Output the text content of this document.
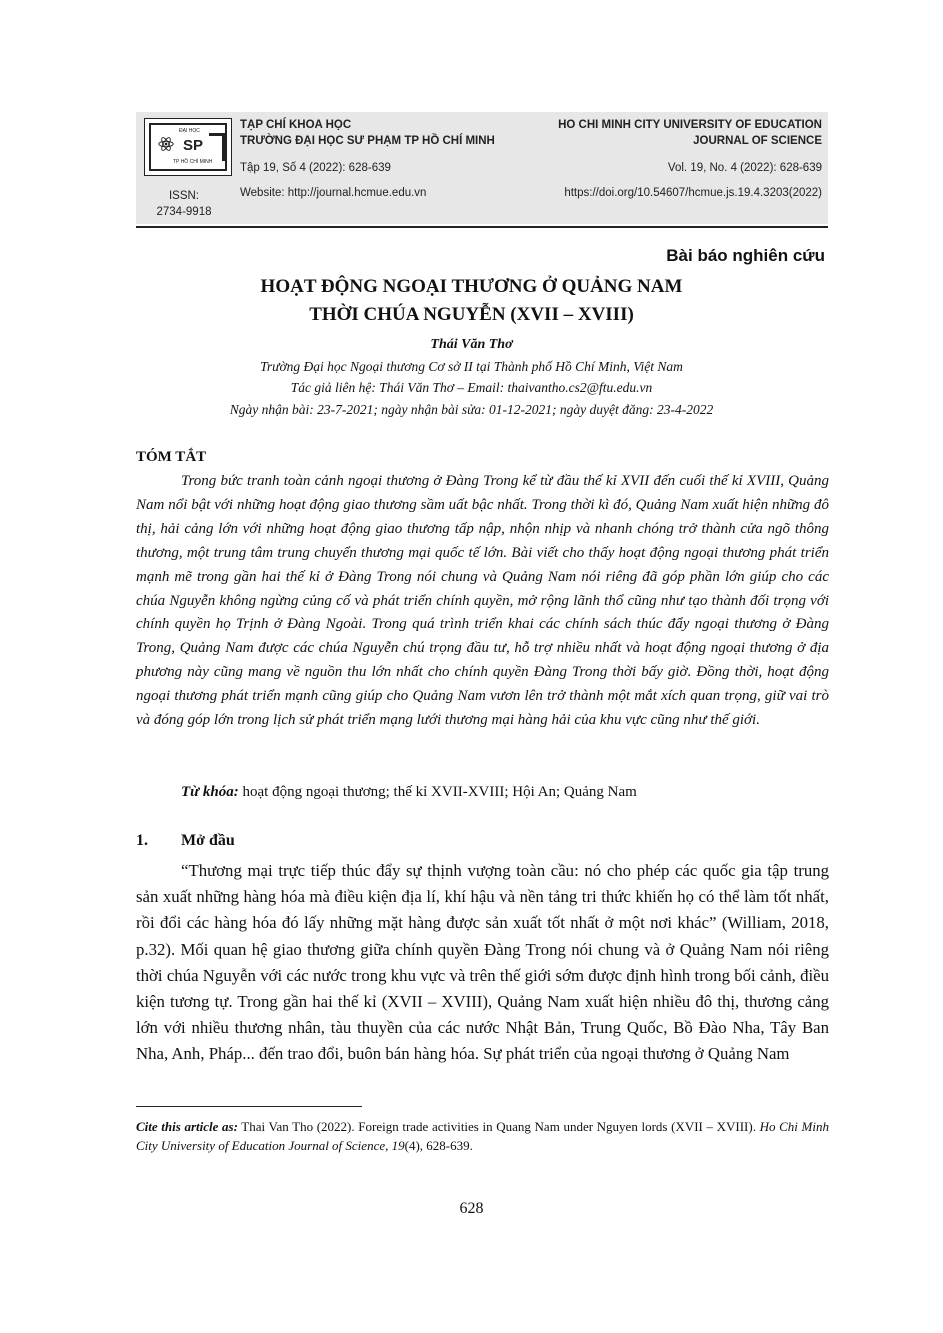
ĐẠI HỌC
SP
TP HỒ CHÍ MINH
ISSN:
2734-9918
TẠP CHÍ KHOA HỌC
TRƯỜNG ĐẠI HỌC SƯ PHẠM TP HỒ CHÍ MINH
Tập 19, Số 4 (2022): 628-639
Website: http://journal.hcmue.edu.vn
HO CHI MINH CITY UNIVERSITY OF EDUCATION
JOURNAL OF SCIENCE
Vol. 19, No. 4 (2022): 628-639
https://doi.org/10.54607/hcmue.js.19.4.3203(2022)
Bài báo nghiên cứu
HOẠT ĐỘNG NGOẠI THƯƠNG Ở QUẢNG NAM
THỜI CHÚA NGUYỄN (XVII – XVIII)
Thái Văn Thơ
Trường Đại học Ngoại thương Cơ sở II tại Thành phố Hồ Chí Minh, Việt Nam
Tác giả liên hệ: Thái Văn Thơ – Email: thaivantho.cs2@ftu.edu.vn
Ngày nhận bài: 23-7-2021; ngày nhận bài sửa: 01-12-2021; ngày duyệt đăng: 23-4-2022
TÓM TẮT
Trong bức tranh toàn cảnh ngoại thương ở Đàng Trong kể từ đầu thế kỉ XVII đến cuối thế kỉ XVIII, Quảng Nam nổi bật với những hoạt động giao thương sầm uất bậc nhất. Trong thời kì đó, Quảng Nam xuất hiện những đô thị, hải cảng lớn với những hoạt động giao thương tấp nập, nhộn nhịp và nhanh chóng trở thành cửa ngõ thông thương, một trung tâm trung chuyển thương mại quốc tế lớn. Bài viết cho thấy hoạt động ngoại thương phát triển mạnh mẽ trong gần hai thế kỉ ở Đàng Trong nói chung và Quảng Nam nói riêng đã góp phần lớn giúp cho các chúa Nguyễn không ngừng củng cố và phát triển chính quyền, mở rộng lãnh thổ cũng như tạo thành đối trọng với chính quyền họ Trịnh ở Đàng Ngoài. Trong quá trình triển khai các chính sách thúc đẩy ngoại thương ở Đàng Trong, Quảng Nam được các chúa Nguyễn chú trọng đầu tư, hỗ trợ nhiều nhất và hoạt động ngoại thương ở địa phương này cũng mang về nguồn thu lớn nhất cho chính quyền Đàng Trong thời bấy giờ. Đồng thời, hoạt động ngoại thương phát triển mạnh cũng giúp cho Quảng Nam vươn lên trở thành một mắt xích quan trọng, giữ vai trò và đóng góp lớn trong lịch sử phát triển mạng lưới thương mại hàng hải của khu vực cũng như thế giới.
Từ khóa: hoạt động ngoại thương; thế kỉ XVII-XVIII; Hội An; Quảng Nam
1. Mở đầu
“Thương mại trực tiếp thúc đẩy sự thịnh vượng toàn cầu: nó cho phép các quốc gia tập trung sản xuất những hàng hóa mà điều kiện địa lí, khí hậu và nền tảng tri thức khiến họ có thể làm tốt nhất, rồi đổi các hàng hóa đó lấy những mặt hàng được sản xuất tốt nhất ở một nơi khác” (William, 2018, p.32). Mối quan hệ giao thương giữa chính quyền Đàng Trong nói chung và ở Quảng Nam nói riêng thời chúa Nguyễn với các nước trong khu vực và trên thế giới sớm được định hình trong bối cảnh, điều kiện tương tự. Trong gần hai thế kỉ (XVII – XVIII), Quảng Nam xuất hiện nhiều đô thị, thương cảng lớn với nhiều thương nhân, tàu thuyền của các nước Nhật Bản, Trung Quốc, Bồ Đào Nha, Tây Ban Nha, Anh, Pháp... đến trao đổi, buôn bán hàng hóa. Sự phát triển của ngoại thương ở Quảng Nam
Cite this article as: Thai Van Tho (2022). Foreign trade activities in Quang Nam under Nguyen lords (XVII – XVIII). Ho Chi Minh City University of Education Journal of Science, 19(4), 628-639.
628
